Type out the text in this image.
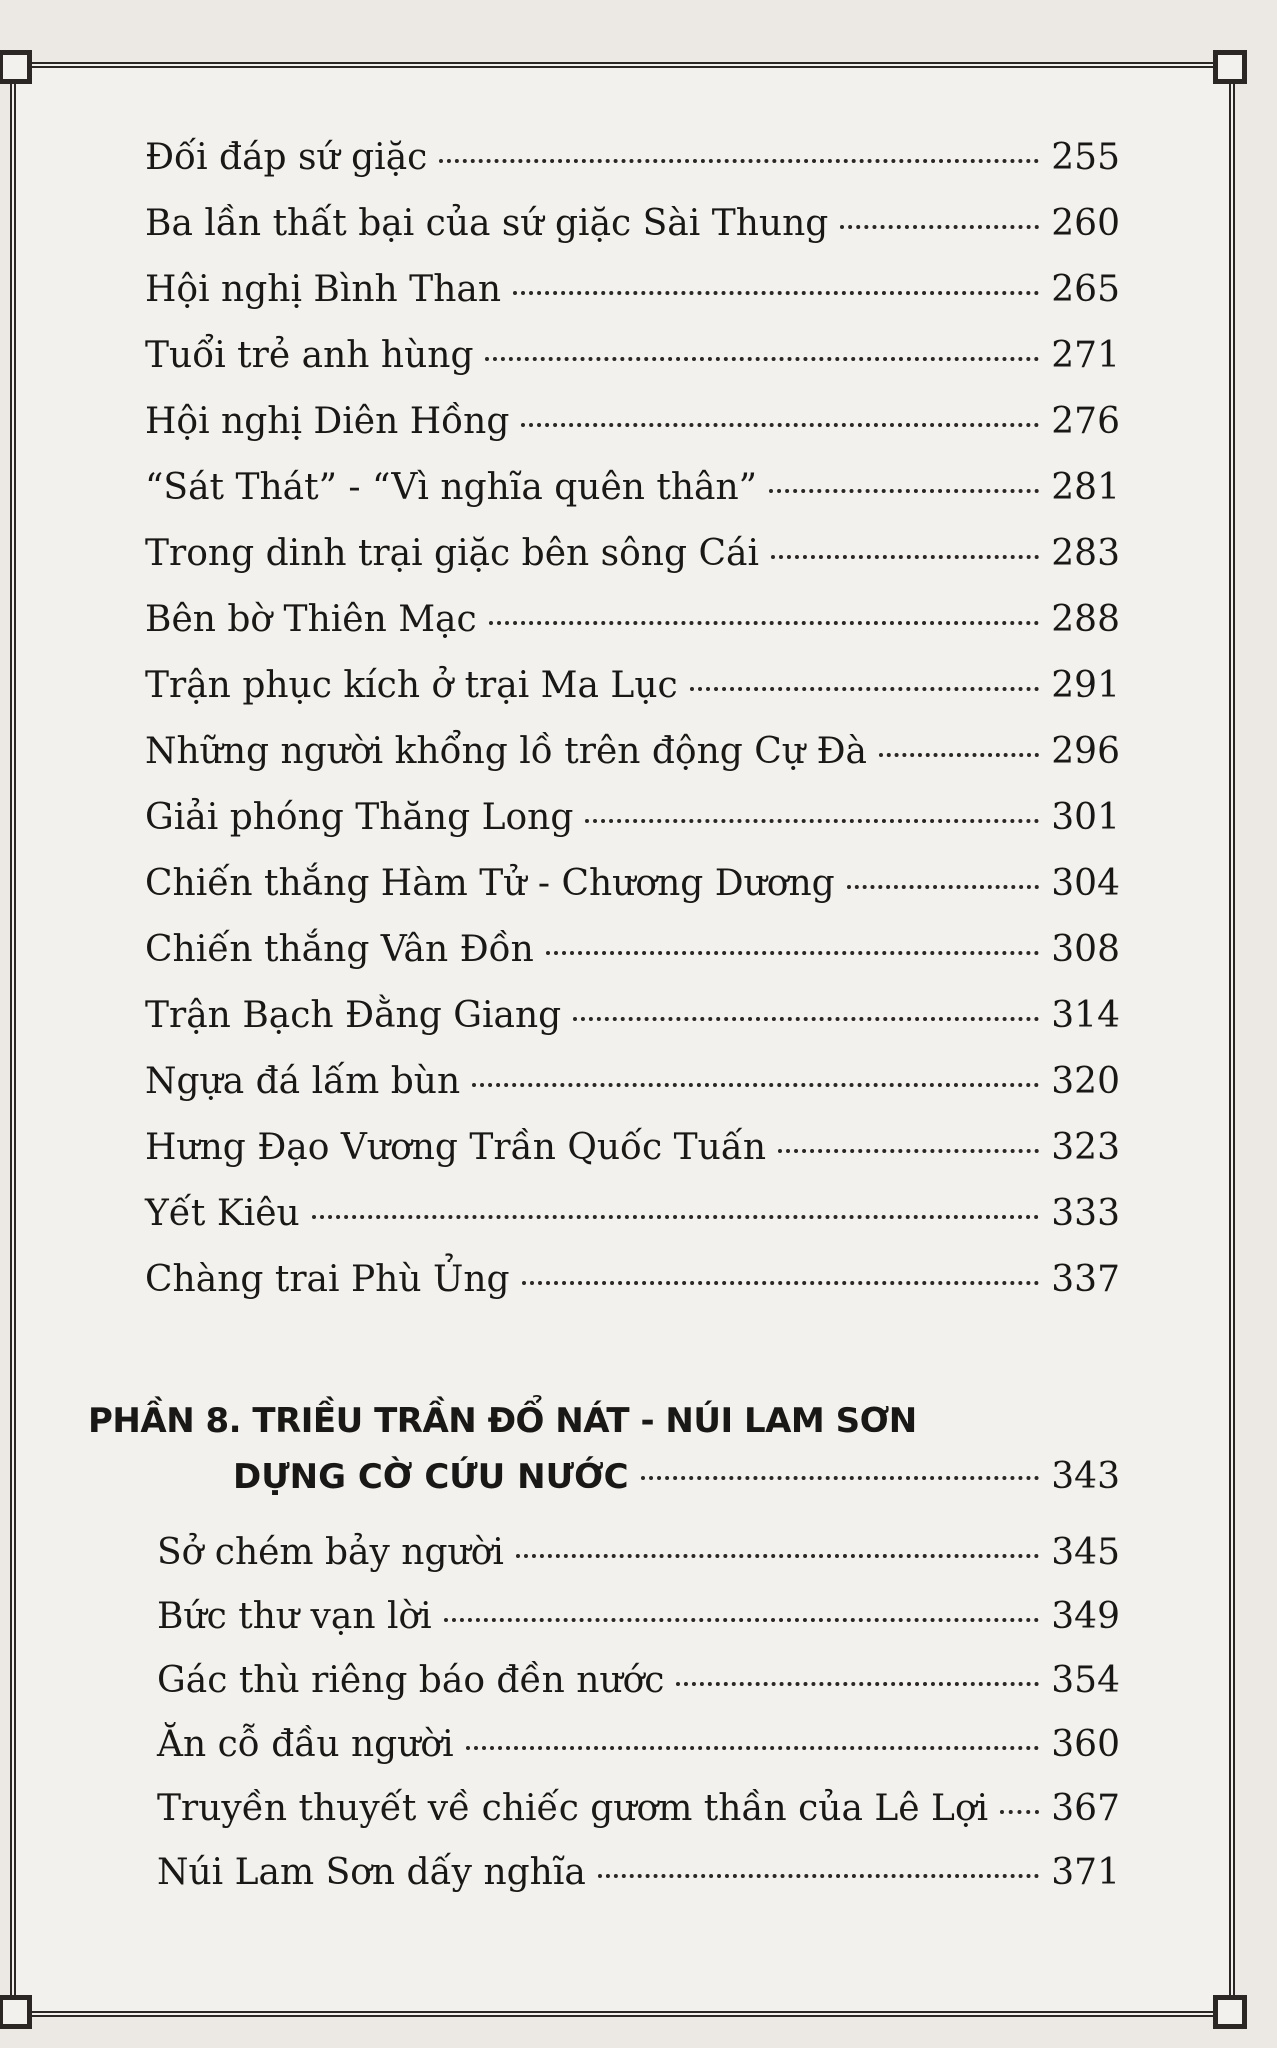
Đối đáp sứ giặc	255
Ba lần thất bại của sứ giặc Sài Thung	260
Hội nghị Bình Than	265
Tuổi trẻ anh hùng	271
Hội nghị Diên Hồng	276
“Sát Thát” - “Vì nghĩa quên thân”	281
Trong dinh trại giặc bên sông Cái	283
Bên bờ Thiên Mạc	288
Trận phục kích ở trại Ma Lục	291
Những người khổng lồ trên động Cự Đà	296
Giải phóng Thăng Long	301
Chiến thắng Hàm Tử - Chương Dương	304
Chiến thắng Vân Đồn	308
Trận Bạch Đằng Giang	314
Ngựa đá lấm bùn	320
Hưng Đạo Vương Trần Quốc Tuấn	323
Yết Kiêu	333
Chàng trai Phù Ủng	337
PHẦN 8. TRIỀU TRẦN ĐỔ NÁT - NÚI LAM SƠN
DỰNG CỜ CỨU NƯỚC	343
Sở chém bảy người	345
Bức thư vạn lời	349
Gác thù riêng báo đền nước	354
Ăn cỗ đầu người	360
Truyền thuyết về chiếc gươm thần của Lê Lợi 367
Núi Lam Sơn dấy nghĩa	371
